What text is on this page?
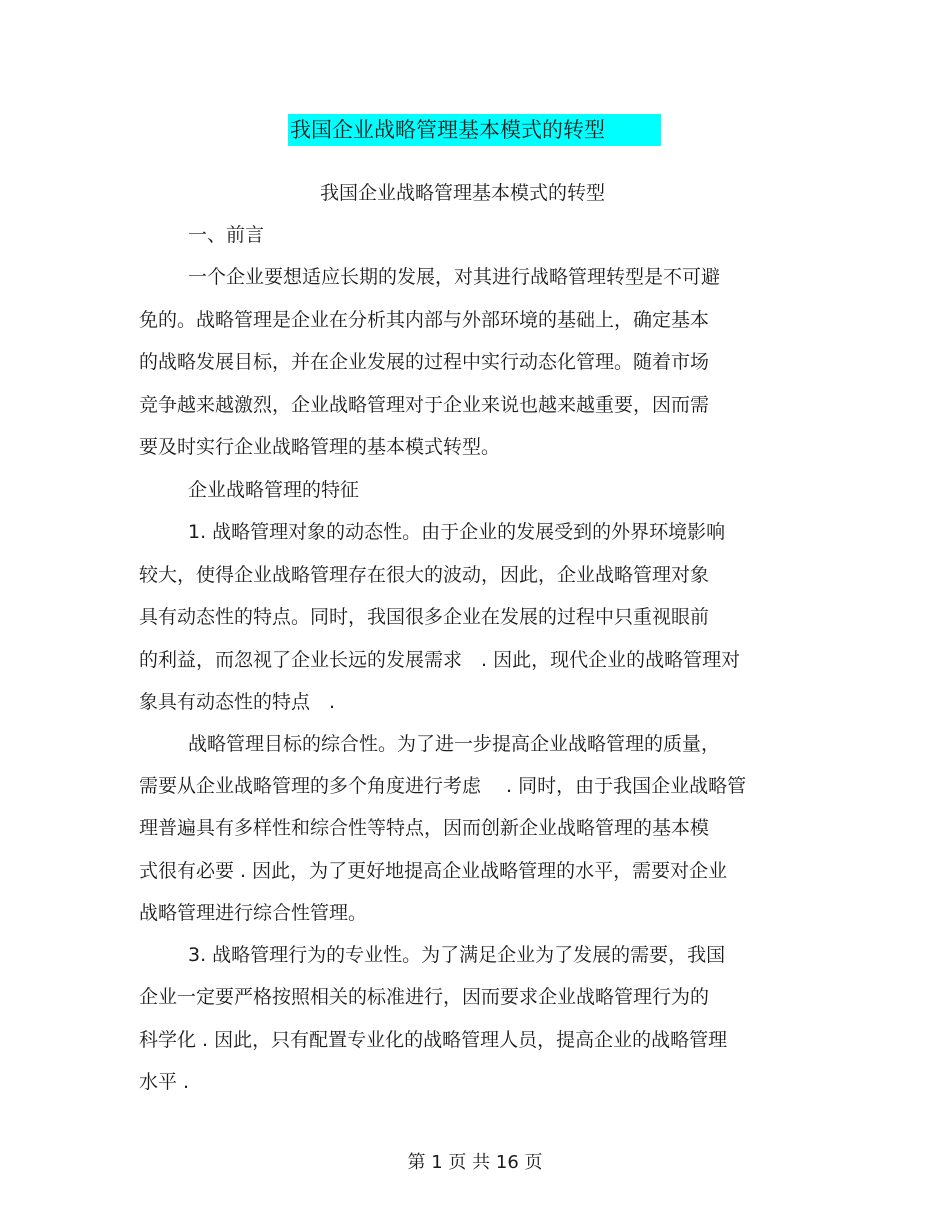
我国企业战略管理基本模式的转型
我国企业战略管理基本模式的转型
一、前言
一个企业要想适应长期的发展，对其进行战略管理转型是不可避
免的。战略管理是企业在分析其内部与外部环境的基础上，确定基本
的战略发展目标，并在企业发展的过程中实行动态化管理。随着市场
竞争越来越激烈，企业战略管理对于企业来说也越来越重要，因而需
要及时实行企业战略管理的基本模式转型。
企业战略管理的特征
1. 战略管理对象的动态性。由于企业的发展受到的外界环境影响
较大，使得企业战略管理存在很大的波动，因此，企业战略管理对象
具有动态性的特点。同时，我国很多企业在发展的过程中只重视眼前
的利益，而忽视了企业长远的发展需求　. 因此，现代企业的战略管理对
象具有动态性的特点　.
战略管理目标的综合性。为了进一步提高企业战略管理的质量，
需要从企业战略管理的多个角度进行考虑　 . 同时，由于我国企业战略管
理普遍具有多样性和综合性等特点，因而创新企业战略管理的基本模
式很有必要 . 因此，为了更好地提高企业战略管理的水平，需要对企业
战略管理进行综合性管理。
3. 战略管理行为的专业性。为了满足企业为了发展的需要，我国
企业一定要严格按照相关的标准进行，因而要求企业战略管理行为的
科学化 . 因此，只有配置专业化的战略管理人员，提高企业的战略管理
水平 .
第 1 页 共 16 页
